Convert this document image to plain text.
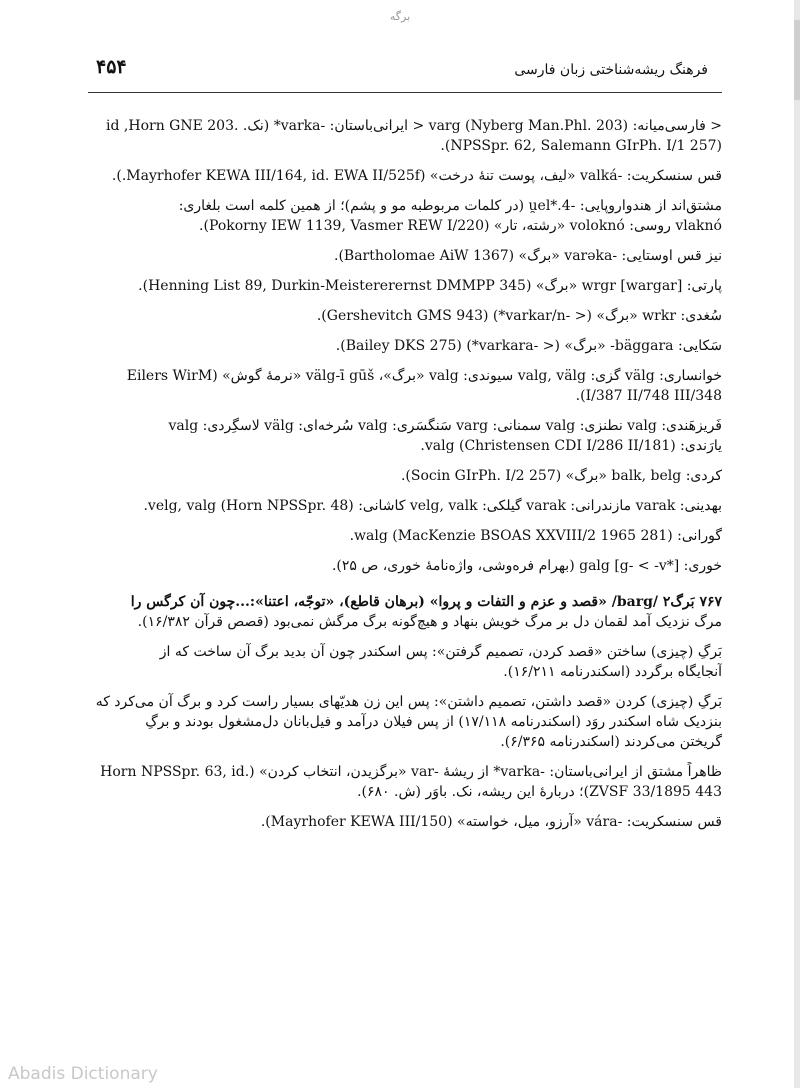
برگه
۴۵۴	فرهنگ ریشه‌شناختی زبان فارسی

< فارسی‌میانه: varg (Nyberg Man.Phl. 203) < ایرانی‌باستان: -varka* (نک. .id ,Horn GNE 203

(NPSSpr. 62, Salemann GIrPh. I/1 257).

قس سنسکریت: -valká «لیف، پوست تنهٔ درخت» (Mayrhofer KEWA III/164, id. EWA II/525f.).

مشتق‌اند از هندواروپایی: -u̯el*.4 (در کلمات مربوطبه مو و پشم)؛ از همین کلمه است بلغاری:

vlaknó روسی: voloknó «رشته، تار» (Pokorny IEW 1139, Vasmer REW I/220).

نیز قس اوستایی: -varəka «برگ» (Bartholomae AiW 1367).

پارتی: wrgr [wargar] «برگ» (Henning List 89, Durkin-Meistererernst DMMPP 345).

سُغدی: wrkr «برگ» (< -varkar/n*) (Gershevitch GMS 943).

سَکایی: bäggara- «برگ» (< -varkara*) (Bailey DKS 275).

خوانساری: välg گزی: valg, välg سیوندی: valg «برگ»، välg-ī gūš «نرمهٔ گوش» (Eilers WirM

I/387 II/748 III/348).

فَریزهَندی: valg نطنزی: valg سمنانی: varg سَنگسَری: valg سُرخه‌ای: välg لاسگِردی: valg

یارَندی: valg (Christensen CDI I/286 II/181).

کردی: balk, belg «برگ» (Socin GIrPh. I/2 257).

بهدینی: varak مازندرانی: varak گیلکی: velg, valk کاشانی: velg, valg (Horn NPSSpr. 48).

گورانی: walg (MacKenzie BSOAS XXVIII/2 1965 281).

خوری: galg [g- < -v*] (بهرام فره‌وشی، واژه‌نامهٔ خوری، ص ۲۵).

۷۶۷ بَرگ۲ /barg/ «قصد و عزم و التفات و پروا» (برهان قاطع)، «توجّه، اعتنا»:...چون آن کرگس را

مرگ نزدیک آمد لقمان دل بر مرگ خویش بنهاد و هیچ‌گونه برگ مرگش نمی‌بود (قصص قرآن ۱۶/۳۸۲).

بَرگِ (چیزی) ساختن «قصد کردن، تصمیم گرفتن»: پس اسکندر چون آن بدید برگ آن ساخت که از

آنجایگاه برگردد (اسکندرنامه ۱۶/۲۱۱).

بَرگِ (چیزی) کردن «قصد داشتن، تصمیم داشتن»: پس این زن هدیّهای بسیار راست کرد و برگ آن می‌کرد که

بنزدیک شاه اسکندر روَد (اسکندرنامه ۱۷/۱۱۸) از پس فیلان درآمد و فیل‌بانان دل‌مشغول بودند و برگِ

گریختن می‌کردند (اسکندرنامه ۶/۳۶۵).

ظاهراً مشتق از ایرانی‌باستان: -varka* از ریشهٔ -var «برگزیدن، انتخاب کردن» (.Horn NPSSpr. 63, id

ZVSF 33/1895 443)؛ دربارهٔ این ریشه، نک. باوَر (ش. ۶۸۰).

قس سنسکریت: -vára «آرزو، میل، خواسته» (Mayrhofer KEWA III/150).

Abadis Dictionary
